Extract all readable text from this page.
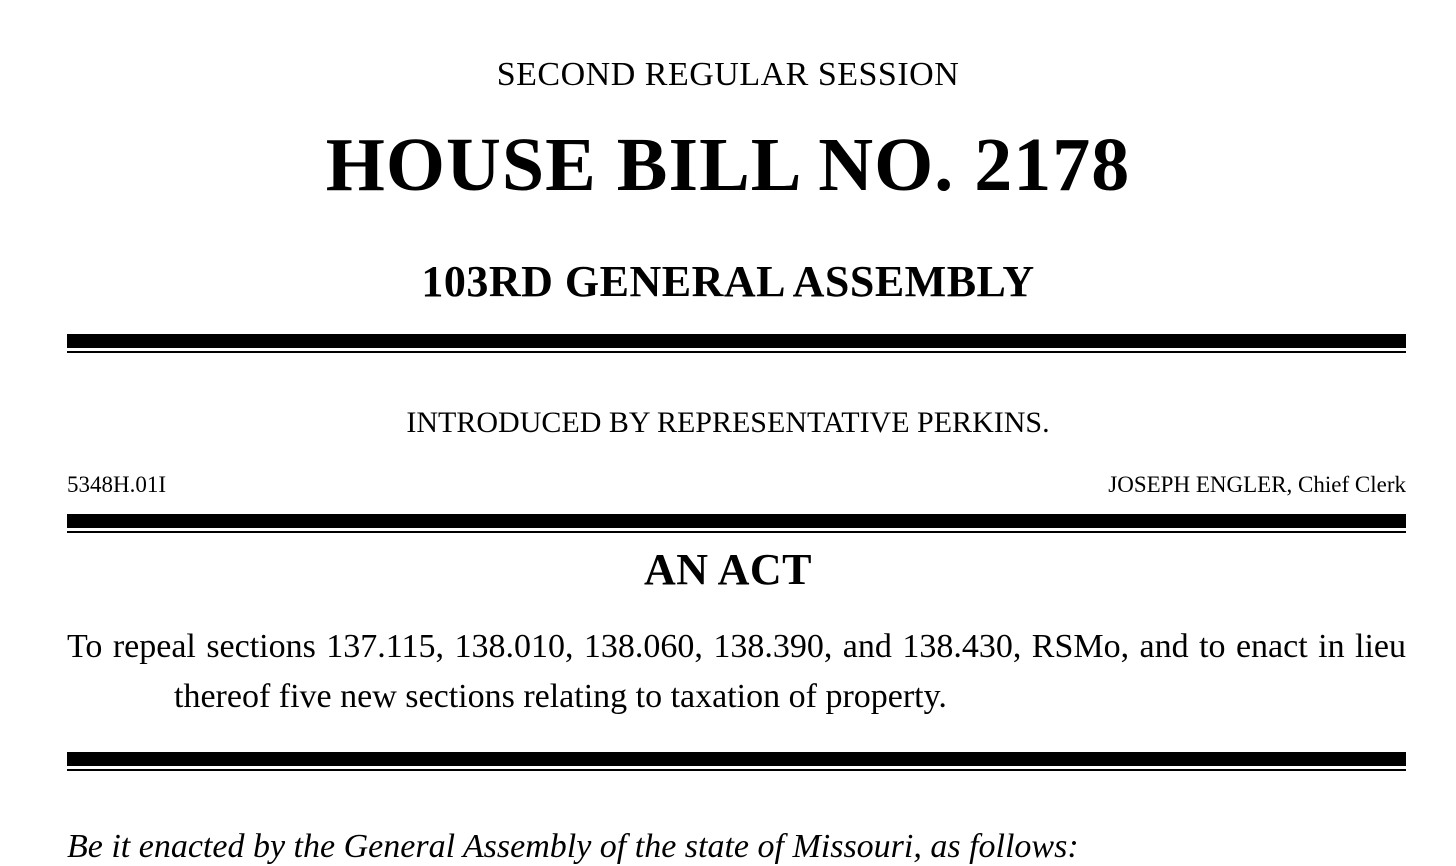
SECOND REGULAR SESSION
HOUSE BILL NO. 2178
103RD GENERAL ASSEMBLY
INTRODUCED BY REPRESENTATIVE PERKINS.
5348H.01I	JOSEPH ENGLER, Chief Clerk
AN ACT
To repeal sections 137.115, 138.010, 138.060, 138.390, and 138.430, RSMo, and to enact in lieu thereof five new sections relating to taxation of property.
Be it enacted by the General Assembly of the state of Missouri, as follows:
